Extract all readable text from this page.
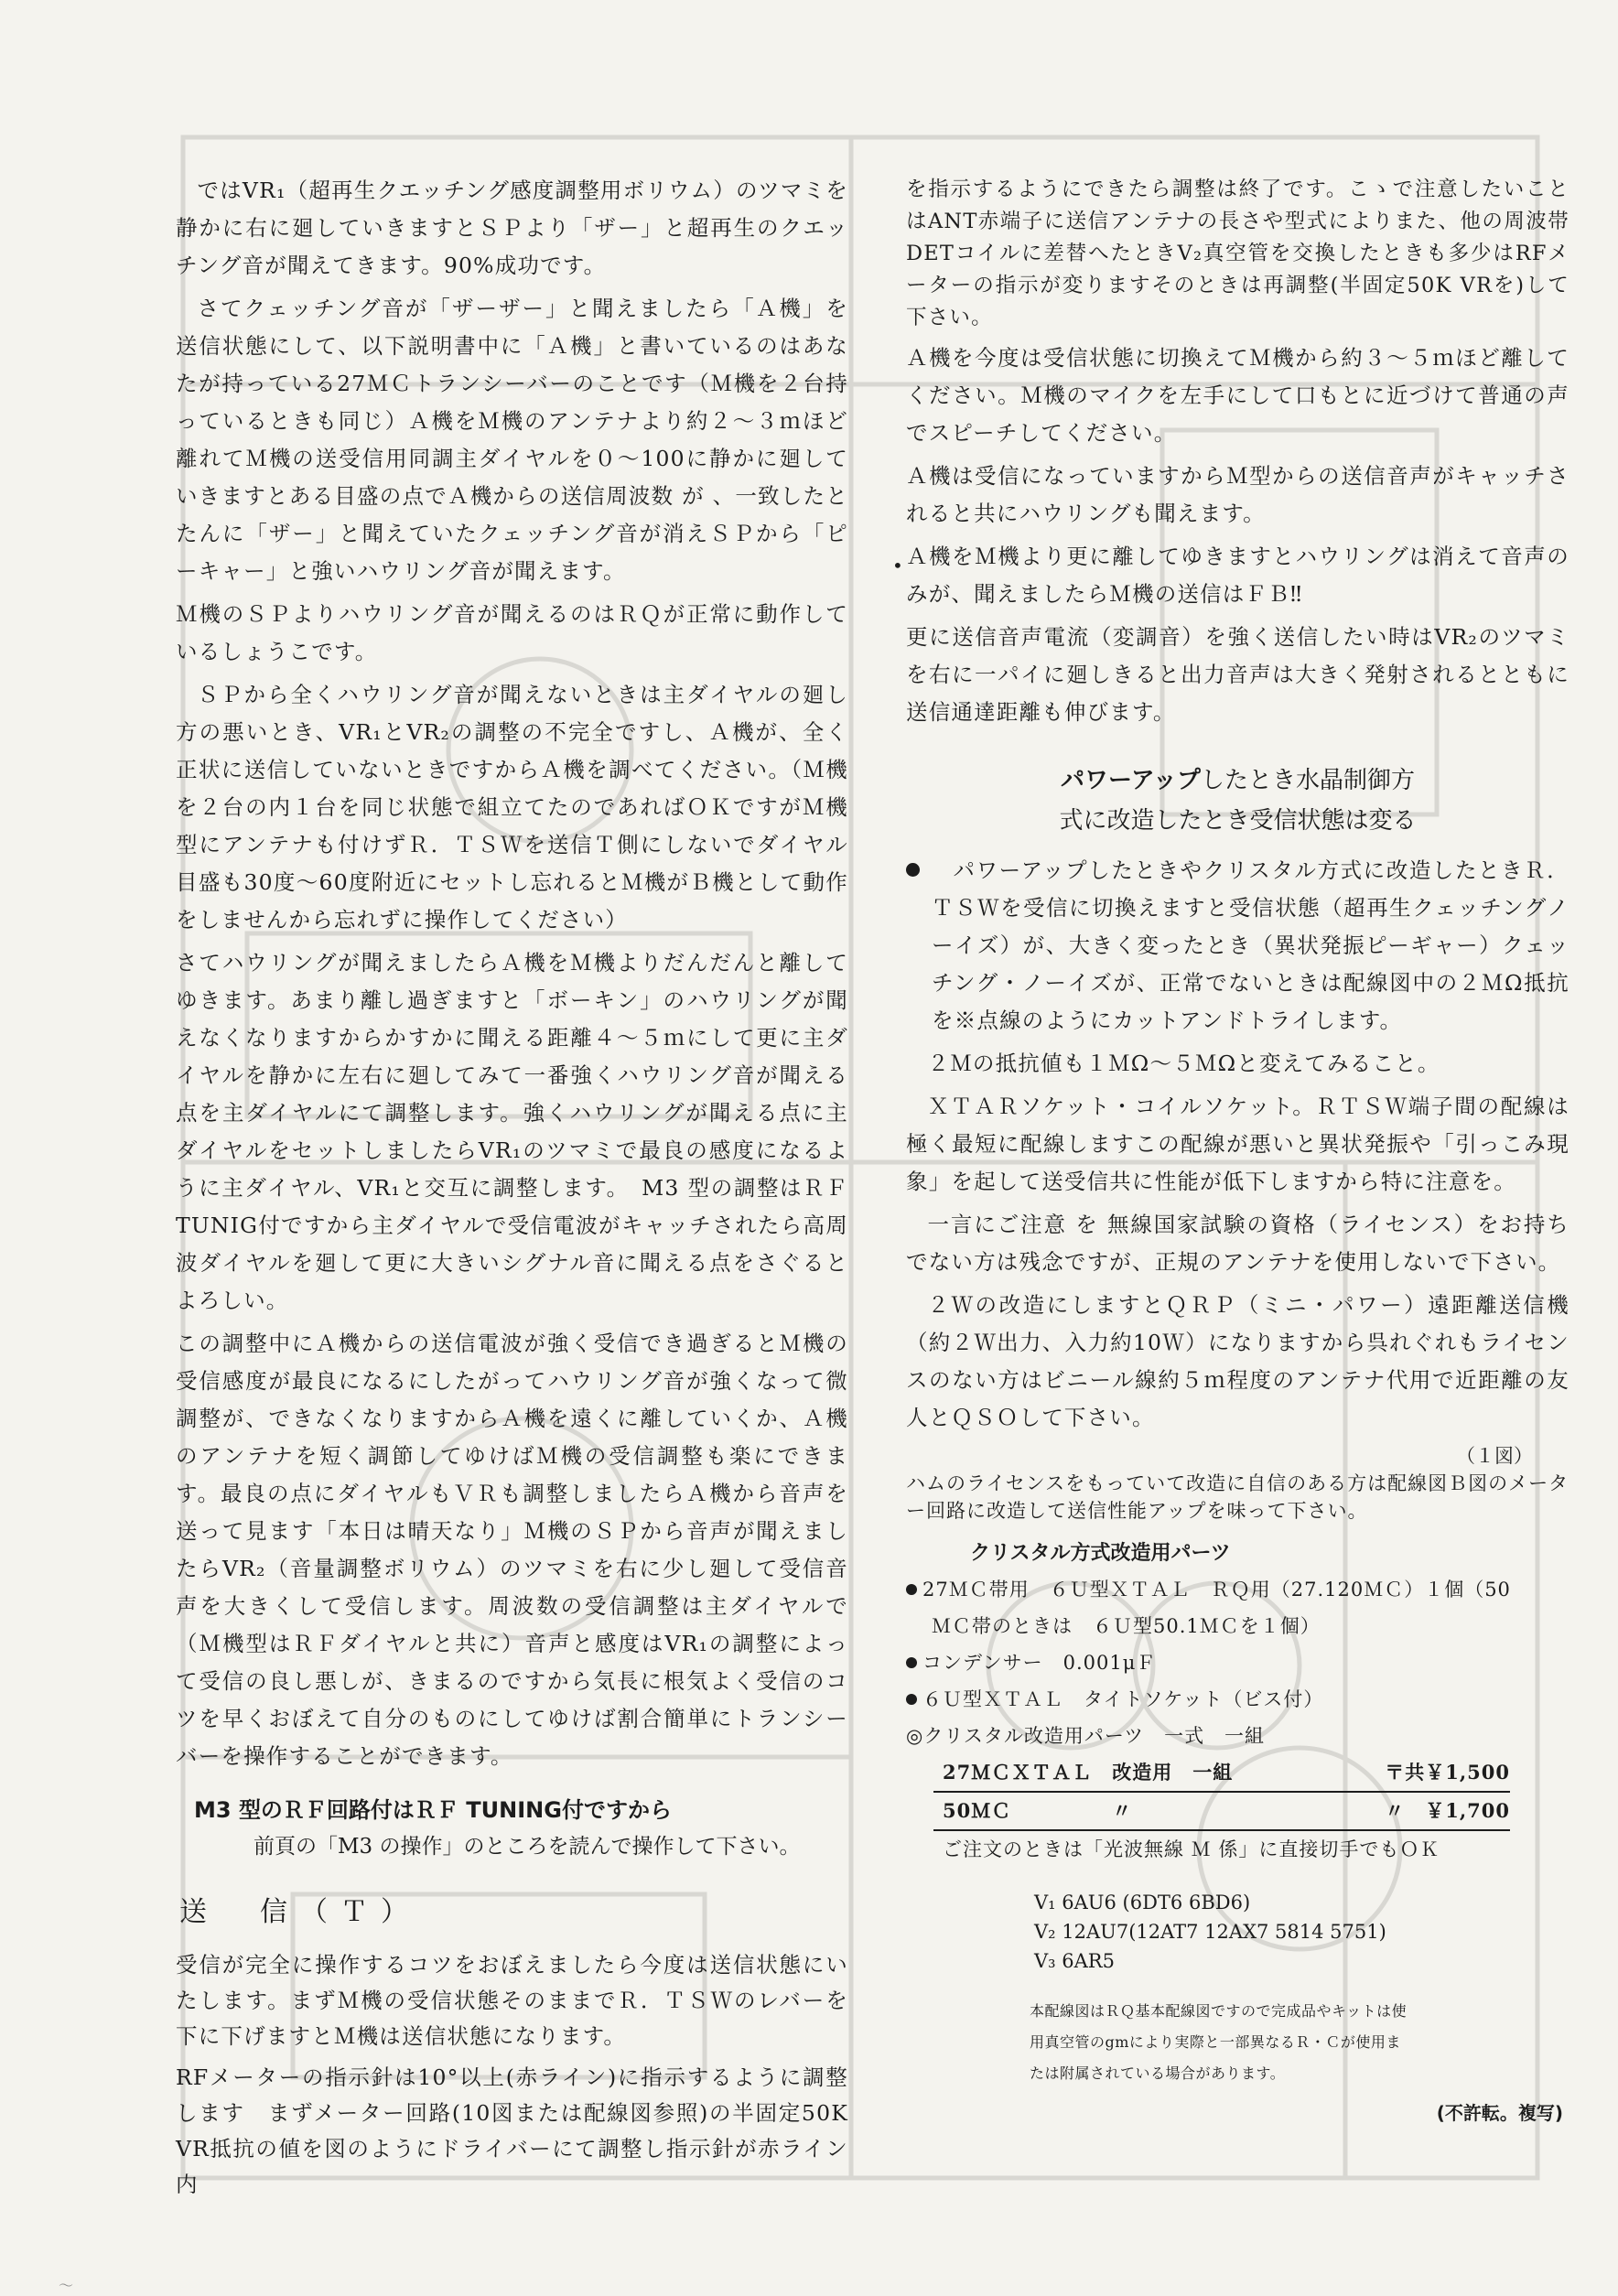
ではVR₁（超再生クエッチング感度調整用ボリウム）のツマミを静かに右に廻していきますとＳＰより「ザー」と超再生のクエッチング音が聞えてきます。90%成功です。

さてクェッチング音が「ザーザー」と聞えましたら「Ａ機」を送信状態にして、以下説明書中に「Ａ機」と書いているのはあなたが持っている27ＭＣトランシーバーのことです（Ｍ機を２台持っているときも同じ）Ａ機をＭ機のアンテナより約２～３ｍほど離れてＭ機の送受信用同調主ダイヤルを０～100に静かに廻していきますとある目盛の点でＡ機からの送信周波数 が 、一致したとたんに「ザー」と聞えていたクェッチング音が消えＳＰから「ピーキャー」と強いハウリング音が聞えます。

Ｍ機のＳＰよりハウリング音が聞えるのはＲＱが正常に動作しているしょうこです。

ＳＰから全くハウリング音が聞えないときは主ダイヤルの廻し方の悪いとき、VR₁とVR₂の調整の不完全ですし、Ａ機が、全く正状に送信していないときですからＡ機を調べてください。（Ｍ機を２台の内１台を同じ状態で組立てたのであればＯＫですがＭ機型にアンテナも付けずＲ．ＴＳＷを送信Ｔ側にしないでダイヤル目盛も30度～60度附近にセットし忘れるとＭ機がＢ機として動作をしませんから忘れずに操作してください）

さてハウリングが聞えましたらＡ機をＭ機よりだんだんと離してゆきます。あまり離し過ぎますと「ボーキン」のハウリングが聞えなくなりますからかすかに聞える距離４～５ｍにして更に主ダイヤルを静かに左右に廻してみて一番強くハウリング音が聞える点を主ダイヤルにて調整します。強くハウリングが聞える点に主ダイヤルをセットしましたらVR₁のツマミで最良の感度になるように主ダイヤル、VR₁と交互に調整します。　M3 型の調整はＲＦ TUNIG付ですから主ダイヤルで受信電波がキャッチされたら高周波ダイヤルを廻して更に大きいシグナル音に聞える点をさぐるとよろしい。

この調整中にＡ機からの送信電波が強く受信でき過ぎるとＭ機の受信感度が最良になるにしたがってハウリング音が強くなって微調整が、できなくなりますからＡ機を遠くに離していくか、Ａ機のアンテナを短く調節してゆけばＭ機の受信調整も楽にできます。最良の点にダイヤルもＶＲも調整しましたらＡ機から音声を送って見ます「本日は晴天なり」Ｍ機のＳＰから音声が聞えましたらVR₂（音量調整ボリウム）のツマミを右に少し廻して受信音声を大きくして受信します。周波数の受信調整は主ダイヤルで（Ｍ機型はＲＦダイヤルと共に）音声と感度はVR₁の調整によって受信の良し悪しが、きまるのですから気長に根気よく受信のコツを早くおぼえて自分のものにしてゆけば割合簡単にトランシーバーを操作することができます。

M3 型のＲＦ回路付はＲＦ TUNING付ですから
前頁の「M3 の操作」のところを読んで操作して下さい。
送　信（Ｔ）

受信が完全に操作するコツをおぼえましたら今度は送信状態にいたします。まずＭ機の受信状態そのままでＲ．ＴＳＷのレバーを下に下げますとＭ機は送信状態になります。

RFメーターの指示針は10°以上(赤ライン)に指示するように調整します　まずメーター回路(10図または配線図参照)の半固定50K　VR抵抗の値を図のようにドライバーにて調整し指示針が赤ライン内

•

を指示するようにできたら調整は終了です。こゝで注意したいことはANT赤端子に送信アンテナの長さや型式によりまた、他の周波帯DETコイルに差替へたときV₂真空管を交換したときも多少はRFメーターの指示が変りますそのときは再調整(半固定50K VRを)して下さい。

Ａ機を今度は受信状態に切換えてＭ機から約３～５ｍほど離してください。Ｍ機のマイクを左手にして口もとに近づけて普通の声でスピーチしてください。

Ａ機は受信になっていますからＭ型からの送信音声がキャッチされると共にハウリングも聞えます。

Ａ機をＭ機より更に離してゆきますとハウリングは消えて音声のみが、聞えましたらＭ機の送信はＦＢ‼

更に送信音声電流（変調音）を強く送信したい時はVR₂のツマミを右に一パイに廻しきると出力音声は大きく発射されるとともに送信通達距離も伸びます。

パワーアップしたとき水晶制御方
式に改造したとき受信状態は変る

パワーアップしたときやクリスタル方式に改造したときＲ．ＴＳＷを受信に切換えますと受信状態（超再生クェッチングノーイズ）が、大きく変ったとき（異状発振ピーギャー）クェッチング・ノーイズが、正常でないときは配線図中の２ＭΩ抵抗を※点線のようにカットアンドトライします。

２Ｍの抵抗値も１ＭΩ～５ＭΩと変えてみること。

ＸＴＡＲソケット・コイルソケット。ＲＴＳＷ端子間の配線は極く最短に配線しますこの配線が悪いと異状発振や「引っこみ現象」を起して送受信共に性能が低下しますから特に注意を。

一言にご注意 を 無線国家試験の資格（ライセンス）をお持ちでない方は残念ですが、正規のアンテナを使用しないで下さい。

２Ｗの改造にしますとＱＲＰ（ミニ・パワー）遠距離送信機（約２Ｗ出力、入力約10Ｗ）になりますから呉れぐれもライセンスのない方はビニール線約５ｍ程度のアンテナ代用で近距離の友人とＱＳＯして下さい。

（１図）
ハムのライセンスをもっていて改造に自信のある方は配線図Ｂ図のメーター回路に改造して送信性能アップを味って下さい。
クリスタル方式改造用パーツ
27ＭＣ帯用　６Ｕ型ＸＴＡＬ　ＲＱ用（27.120ＭＣ）１個（50
ＭＣ帯のときは　６Ｕ型50.1ＭＣを１個）
コンデンサー　0.001μＦ
６Ｕ型ＸＴＡＬ　タイトソケット（ビス付）
◎クリスタル改造用パーツ　一式　一組
27ＭＣＸＴＡＬ　改造用　一組	〒共￥1,500
50ＭＣ　　　　　〃	〃　￥1,700
ご注文のときは「光波無線 Ｍ 係」に直接切手でもＯＫ
V₁ 6AU6 (6DT6 6BD6)
V₂ 12AU7(12AT7 12AX7 5814 5751)
V₃ 6AR5
本配線図はＲＱ基本配線図ですので完成品やキットは使用真空管のgmにより実際と一部異なるＲ・Ｃが使用または附属されている場合があります。
(不許転。複写)
～
